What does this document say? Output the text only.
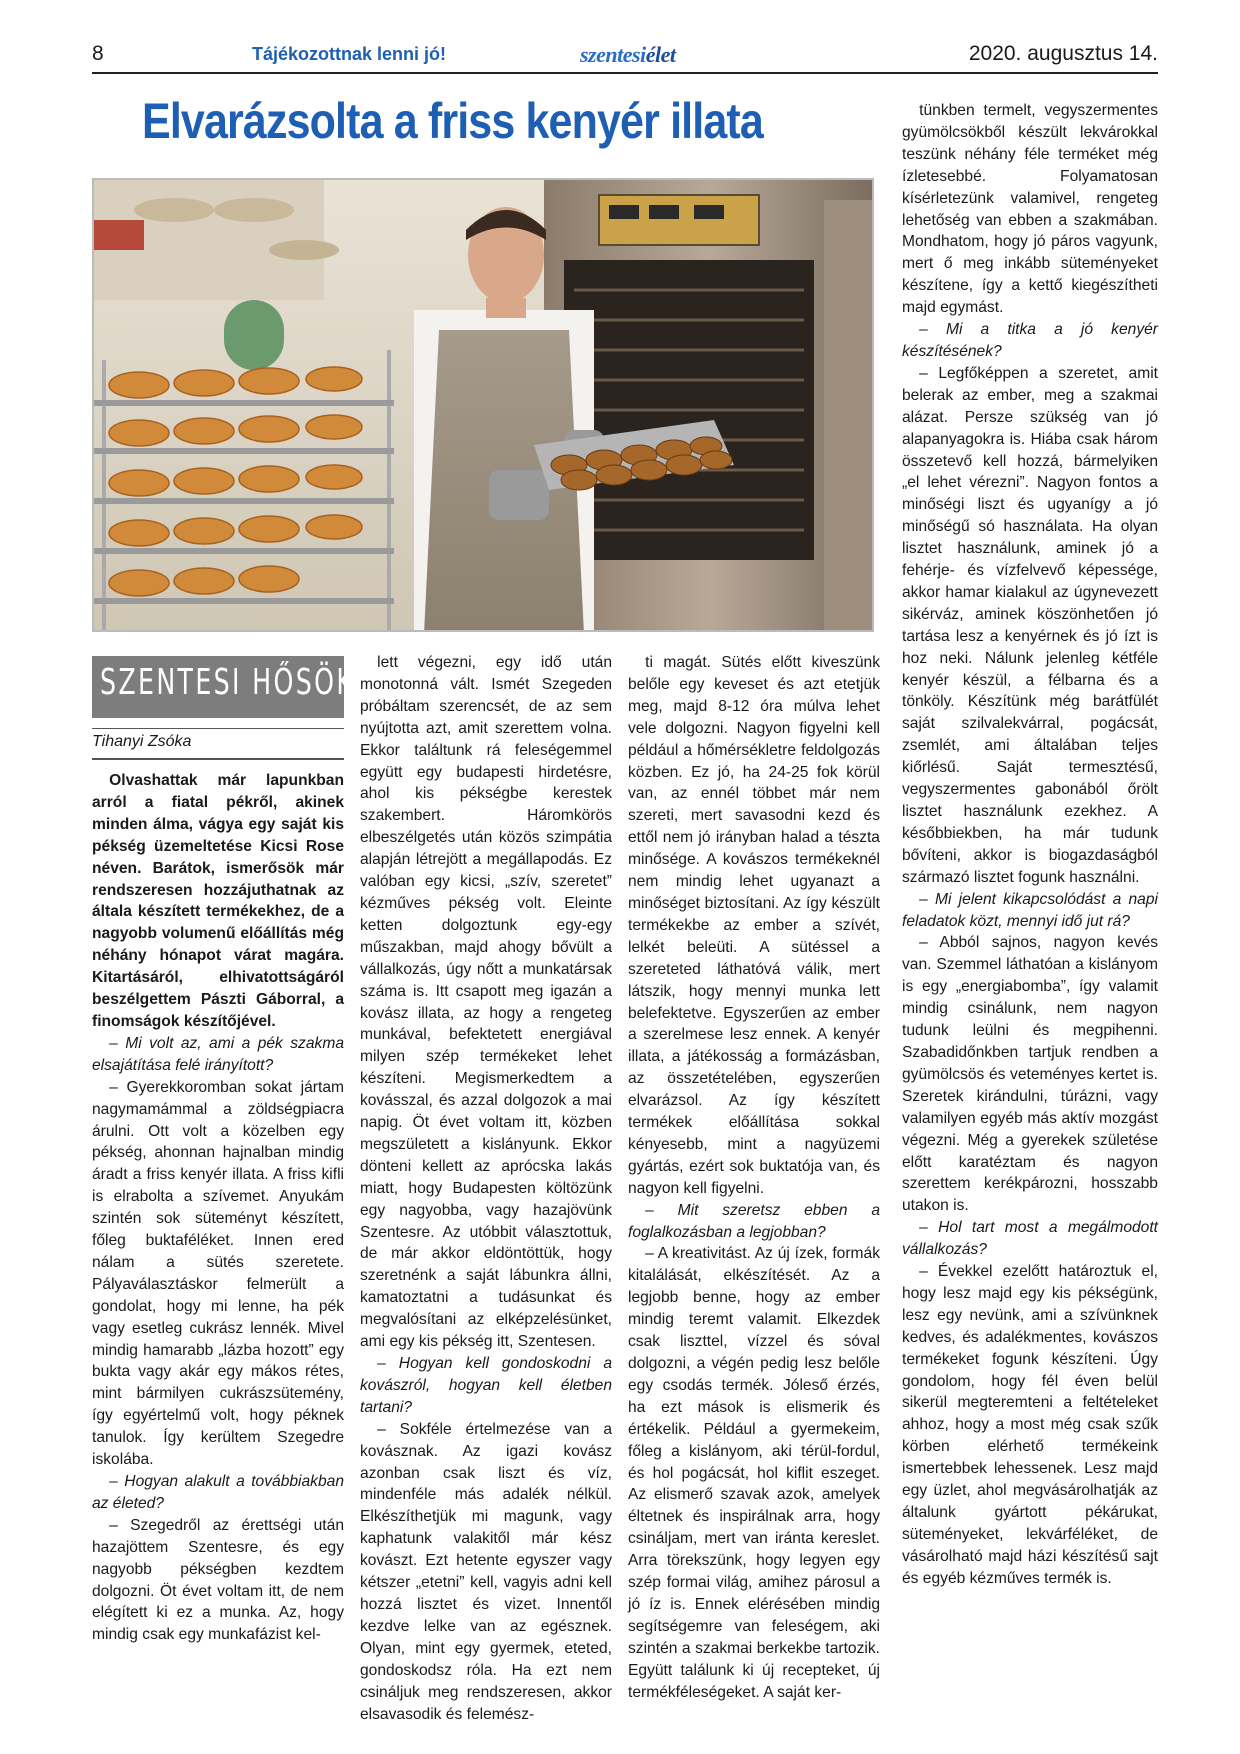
8	Tájékozottnak lenni jó!	szentesiélet	2020. augusztus 14.
Elvarázsolta a friss kenyér illata
SZENTESI HŐSÖK
Tihanyi Zsóka

Olvashattak már lapunkban arról a fiatal pékről, akinek minden álma, vágya egy saját kis pékség üzemeltetése Kicsi Rose néven. Barátok, ismerősök már rendszeresen hozzájuthatnak az általa készített termékekhez, de a nagyobb volumenű előállítás még néhány hónapot várat magára. Kitartásáról, elhivatottságáról beszélgettem Pászti Gáborral, a finomságok készítőjével.

– Mi volt az, ami a pék szakma elsajátítása felé irányított?

– Gyerekkoromban sokat jártam nagymamámmal a zöldségpiacra árulni. Ott volt a közelben egy pékség, ahonnan hajnalban mindig áradt a friss kenyér illata. A friss kifli is elrabolta a szívemet. Anyukám szintén sok süteményt készített, főleg buktaféléket. Innen ered nálam a sütés szeretete. Pályaválasztáskor felmerült a gondolat, hogy mi lenne, ha pék vagy esetleg cukrász lennék. Mivel mindig hamarabb „lázba hozott” egy bukta vagy akár egy mákos rétes, mint bármilyen cukrászsütemény, így egyértelmű volt, hogy péknek tanulok. Így kerültem Szegedre iskolába.

– Hogyan alakult a továbbiakban az életed?

– Szegedről az érettségi után hazajöttem Szentesre, és egy nagyobb pékségben kezdtem dolgozni. Öt évet voltam itt, de nem elégített ki ez a munka. Az, hogy mindig csak egy munkafázist kel-

lett végezni, egy idő után monotonná vált. Ismét Szegeden próbáltam szerencsét, de az sem nyújtotta azt, amit szerettem volna. Ekkor találtunk rá feleségemmel együtt egy budapesti hirdetésre, ahol kis pékségbe kerestek szakembert. Háromkörös elbeszélgetés után közös szimpátia alapján létrejött a megállapodás. Ez valóban egy kicsi, „szív, szeretet” kézműves pékség volt. Eleinte ketten dolgoztunk egy-egy műszakban, majd ahogy bővült a vállalkozás, úgy nőtt a munkatársak száma is. Itt csapott meg igazán a kovász illata, az hogy a rengeteg munkával, befektetett energiával milyen szép termékeket lehet készíteni. Megismerkedtem a kovásszal, és azzal dolgozok a mai napig. Öt évet voltam itt, közben megszületett a kislányunk. Ekkor dönteni kellett az aprócska lakás miatt, hogy Budapesten költözünk egy nagyobba, vagy hazajövünk Szentesre. Az utóbbit választottuk, de már akkor eldöntöttük, hogy szeretnénk a saját lábunkra állni, kamatoztatni a tudásunkat és megvalósítani az elképzelésünket, ami egy kis pékség itt, Szentesen.

– Hogyan kell gondoskodni a kovászról, hogyan kell életben tartani?

– Sokféle értelmezése van a kovásznak. Az igazi kovász azonban csak liszt és víz, mindenféle más adalék nélkül. Elkészíthetjük mi magunk, vagy kaphatunk valakitől már kész kovászt. Ezt hetente egyszer vagy kétszer „etetni” kell, vagyis adni kell hozzá lisztet és vizet. Innentől kezdve lelke van az egésznek. Olyan, mint egy gyermek, eteted, gondoskodsz róla. Ha ezt nem csináljuk meg rendszeresen, akkor elsavasodik és felemész-

ti magát. Sütés előtt kiveszünk belőle egy keveset és azt etetjük meg, majd 8-12 óra múlva lehet vele dolgozni. Nagyon figyelni kell például a hőmérsékletre feldolgozás közben. Ez jó, ha 24-25 fok körül van, az ennél többet már nem szereti, mert savasodni kezd és ettől nem jó irányban halad a tészta minősége. A kovászos termékeknél nem mindig lehet ugyanazt a minőséget biztosítani. Az így készült termékekbe az ember a szívét, lelkét beleüti. A sütéssel a szereteted láthatóvá válik, mert látszik, hogy mennyi munka lett belefektetve. Egyszerűen az ember a szerelmese lesz ennek. A kenyér illata, a játékosság a formázásban, az összetételében, egyszerűen elvarázsol. Az így készített termékek előállítása sokkal kényesebb, mint a nagyüzemi gyártás, ezért sok buktatója van, és nagyon kell figyelni.

– Mit szeretsz ebben a foglalkozásban a legjobban?

– A kreativitást. Az új ízek, formák kitalálását, elkészítését. Az a legjobb benne, hogy az ember mindig teremt valamit. Elkezdek csak liszttel, vízzel és sóval dolgozni, a végén pedig lesz belőle egy csodás termék. Jóleső érzés, ha ezt mások is elismerik és értékelik. Például a gyermekeim, főleg a kislányom, aki térül-fordul, és hol pogácsát, hol kiflit eszeget. Az elismerő szavak azok, amelyek éltetnek és inspirálnak arra, hogy csináljam, mert van iránta kereslet. Arra törekszünk, hogy legyen egy szép formai világ, amihez párosul a jó íz is. Ennek elérésében mindig segítségemre van feleségem, aki szintén a szakmai berkekbe tartozik. Együtt találunk ki új recepteket, új termékféleségeket. A saját ker-

tünkben termelt, vegyszermentes gyümölcsökből készült lekvárokkal teszünk néhány féle terméket még ízletesebbé. Folyamatosan kísérletezünk valamivel, rengeteg lehetőség van ebben a szakmában. Mondhatom, hogy jó páros vagyunk, mert ő meg inkább süteményeket készítene, így a kettő kiegészítheti majd egymást.

– Mi a titka a jó kenyér készítésének?

– Legfőképpen a szeretet, amit belerak az ember, meg a szakmai alázat. Persze szükség van jó alapanyagokra is. Hiába csak három összetevő kell hozzá, bármelyiken „el lehet vérezni”. Nagyon fontos a minőségi liszt és ugyanígy a jó minőségű só használata. Ha olyan lisztet használunk, aminek jó a fehérje- és vízfelvevő képessége, akkor hamar kialakul az úgynevezett sikérváz, aminek köszönhetően jó tartása lesz a kenyérnek és jó ízt is hoz neki. Nálunk jelenleg kétféle kenyér készül, a félbarna és a tönköly. Készítünk még barátfülét saját szilvalekvárral, pogácsát, zsemlét, ami általában teljes kiőrlésű. Saját termesztésű, vegyszermentes gabonából őrölt lisztet használunk ezekhez. A későbbiekben, ha már tudunk bővíteni, akkor is biogazdaságból származó lisztet fogunk használni.

– Mi jelent kikapcsolódást a napi feladatok közt, mennyi idő jut rá?

– Abból sajnos, nagyon kevés van. Szemmel láthatóan a kislányom is egy „energiabomba”, így valamit mindig csinálunk, nem nagyon tudunk leülni és megpihenni. Szabadidőnkben tartjuk rendben a gyümölcsös és veteményes kertet is. Szeretek kirándulni, túrázni, vagy valamilyen egyéb más aktív mozgást végezni. Még a gyerekek születése előtt karatéztam és nagyon szerettem kerékpározni, hosszabb utakon is.

– Hol tart most a megálmodott vállalkozás?

– Évekkel ezelőtt határoztuk el, hogy lesz majd egy kis pékségünk, lesz egy nevünk, ami a szívünknek kedves, és adalékmentes, kovászos termékeket fogunk készíteni. Úgy gondolom, hogy fél éven belül sikerül megteremteni a feltételeket ahhoz, hogy a most még csak szűk körben elérhető termékeink ismertebbek lehessenek. Lesz majd egy üzlet, ahol megvásárolhatják az általunk gyártott pékárukat, süteményeket, lekvárféléket, de vásárolható majd házi készítésű sajt és egyéb kézműves termék is.
